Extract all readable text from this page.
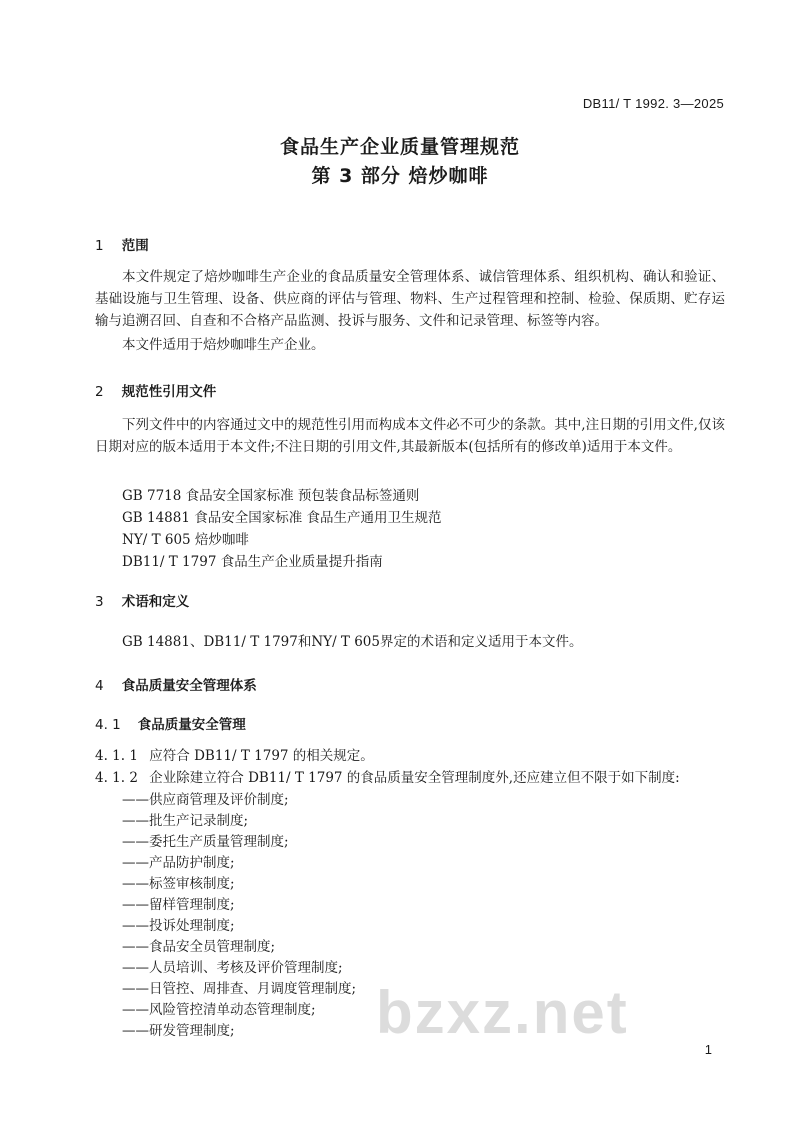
DB11/ T 1992. 3—2025
食品生产企业质量管理规范
第 3 部分 焙炒咖啡
1 范围
本文件规定了焙炒咖啡生产企业的食品质量安全管理体系、诚信管理体系、组织机构、确认和验证、基础设施与卫生管理、设备、供应商的评估与管理、物料、生产过程管理和控制、检验、保质期、贮存运输与追溯召回、自查和不合格产品监测、投诉与服务、文件和记录管理、标签等内容。
本文件适用于焙炒咖啡生产企业。
2 规范性引用文件
下列文件中的内容通过文中的规范性引用而构成本文件必不可少的条款。其中,注日期的引用文件,仅该日期对应的版本适用于本文件;不注日期的引用文件,其最新版本(包括所有的修改单)适用于本文件。
GB 7718 食品安全国家标准 预包装食品标签通则
GB 14881 食品安全国家标准 食品生产通用卫生规范
NY/ T 605 焙炒咖啡
DB11/ T 1797 食品生产企业质量提升指南
3 术语和定义
GB 14881、DB11/ T 1797和NY/ T 605界定的术语和定义适用于本文件。
4 食品质量安全管理体系
4. 1 食品质量安全管理
4. 1. 1 应符合 DB11/ T 1797 的相关规定。
4. 1. 2 企业除建立符合 DB11/ T 1797 的食品质量安全管理制度外,还应建立但不限于如下制度:
——供应商管理及评价制度;
——批生产记录制度;
——委托生产质量管理制度;
——产品防护制度;
——标签审核制度;
——留样管理制度;
——投诉处理制度;
——食品安全员管理制度;
——人员培训、考核及评价管理制度;
——日管控、周排查、月调度管理制度;
——风险管控清单动态管理制度;
——研发管理制度; bzxz.net
1
